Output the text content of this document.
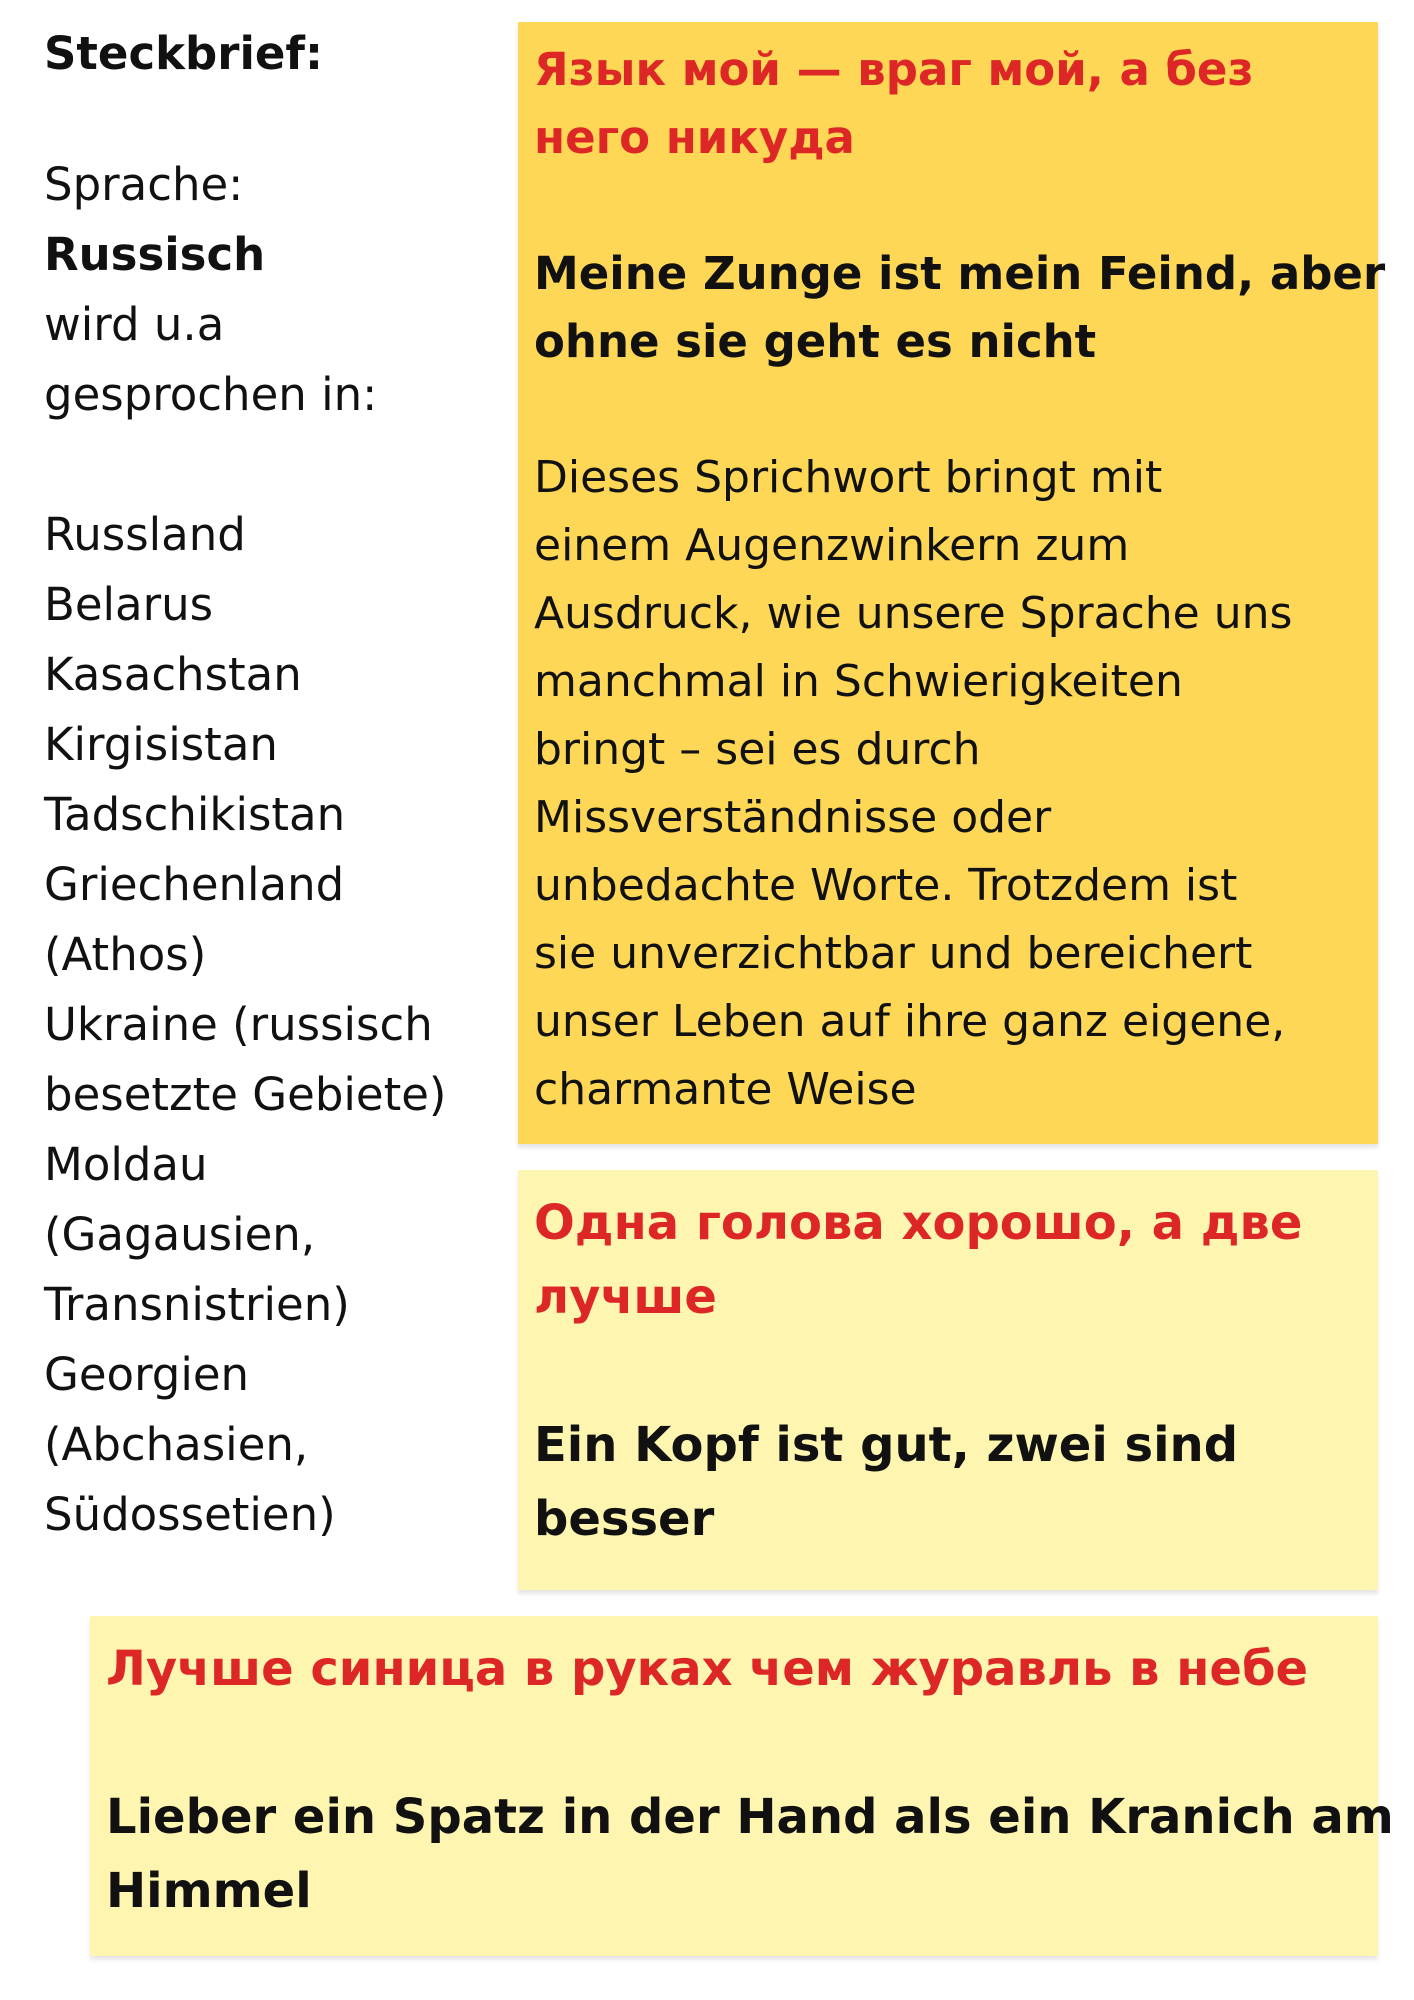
Steckbrief:
Sprache:
Russisch
wird u.a
gesprochen in:
Russland
Belarus
Kasachstan
Kirgisistan
Tadschikistan
Griechenland
(Athos)
Ukraine (russisch
besetzte Gebiete)
Moldau
(Gagausien,
Transnistrien)
Georgien
(Abchasien,
Südossetien)
Язык мой — враг мой, а без
него никуда
Meine Zunge ist mein Feind, aber
ohne sie geht es nicht
Dieses Sprichwort bringt mit
einem Augenzwinkern zum
Ausdruck, wie unsere Sprache uns
manchmal in Schwierigkeiten
bringt – sei es durch
Missverständnisse oder
unbedachte Worte. Trotzdem ist
sie unverzichtbar und bereichert
unser Leben auf ihre ganz eigene,
charmante Weise
Одна голова хорошо, а две
лучше
Ein Kopf ist gut, zwei sind
besser
Лучше синица в руках чем журавль в небе
Lieber ein Spatz in der Hand als ein Kranich am
Himmel
